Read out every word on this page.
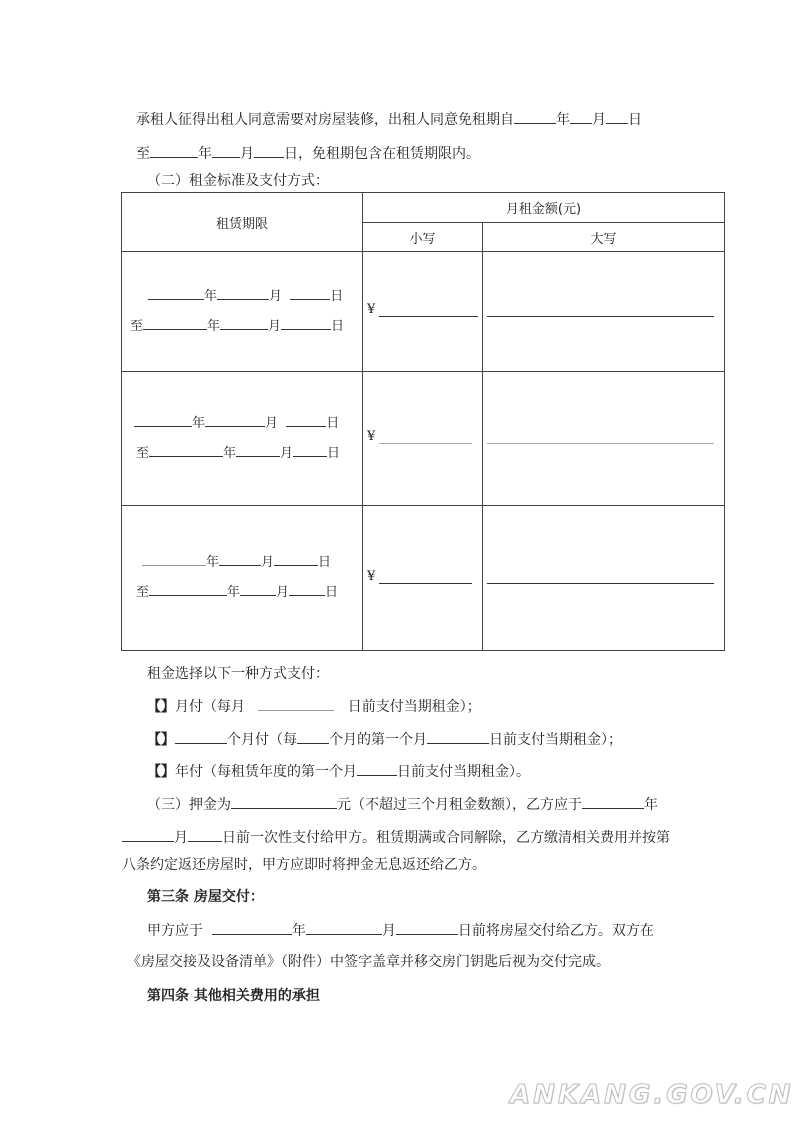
承租人征得出租人同意需要对房屋装修，出租人同意免租期自	年 月 日
至	年 月 日，免租期包含在租赁期限内。
（二）租金标准及支付方式：
租赁期限	月租金额(元)	
	小写	大写

年 月 日
至 年 月 日	¥	

年 月 日
至 年 月 日	¥	

年 月 日
至 年 月 日	¥	

租金选择以下一种方式支付：
【】月付（每月	日前支付当期租金）；
【】	个月付（每 个月的第一个月	日前支付当期租金）；
【】年付（每租赁年度的第一个月	日前支付当期租金）。
（三）押金为	元（不超过三个月租金数额），乙方应于	年
月 日前一次性支付给甲方。租赁期满或合同解除，乙方缴清相关费用并按第
八条约定返还房屋时，甲方应即时将押金无息返还给乙方。
第三条 房屋交付：
甲方应于	年	月	日前将房屋交付给乙方。双方在
《房屋交接及设备清单》（附件）中签字盖章并移交房门钥匙后视为交付完成。
第四条 其他相关费用的承担
ANKANG.GOV.CN
